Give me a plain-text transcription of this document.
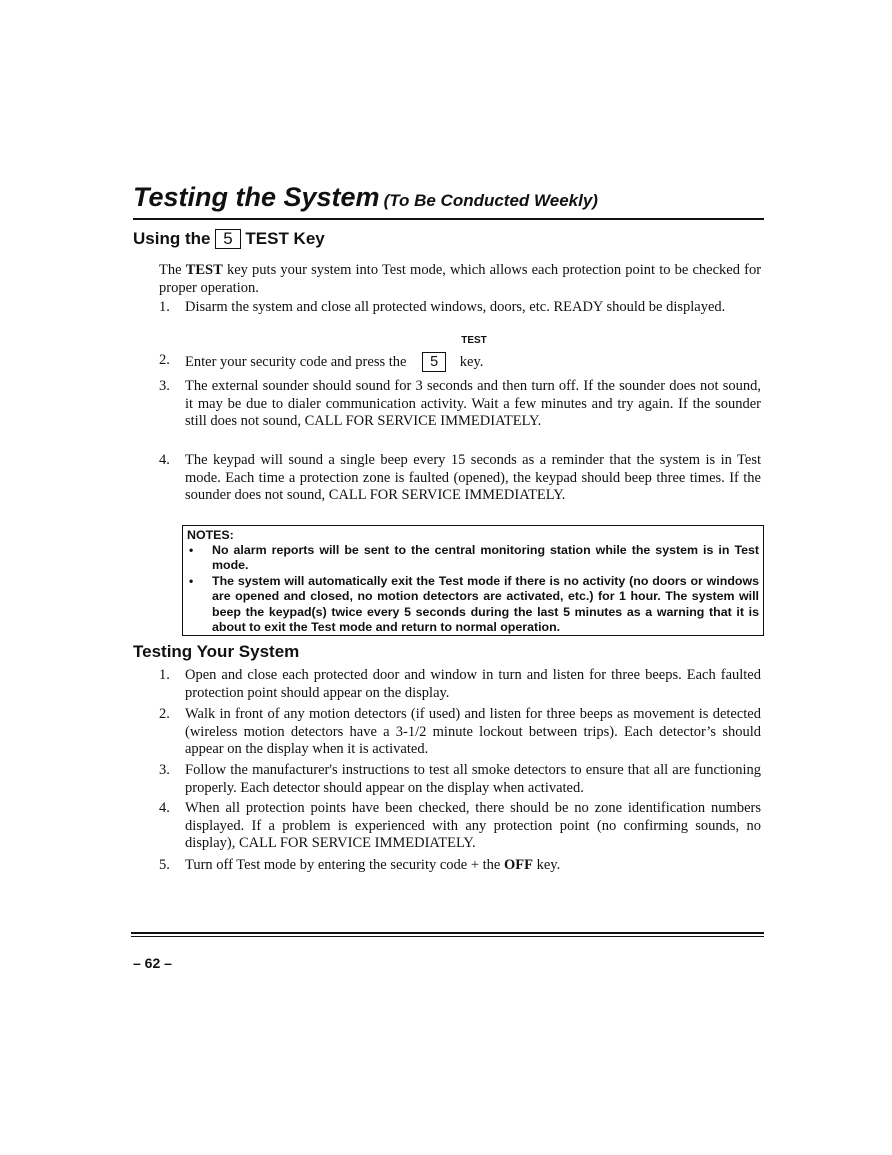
Testing the System (To Be Conducted Weekly)
Using the 5 TEST Key
The TEST key puts your system into Test mode, which allows each protection point to be checked for proper operation.
1. Disarm the system and close all protected windows, doors, etc. READY should be displayed.
TEST
2. Enter your security code and press the 5 key.
3. The external sounder should sound for 3 seconds and then turn off. If the sounder does not sound, it may be due to dialer communication activity. Wait a few minutes and try again. If the sounder still does not sound, CALL FOR SERVICE IMMEDIATELY.
4. The keypad will sound a single beep every 15 seconds as a reminder that the system is in Test mode. Each time a protection zone is faulted (opened), the keypad should beep three times. If the sounder does not sound, CALL FOR SERVICE IMMEDIATELY.
NOTES:
• No alarm reports will be sent to the central monitoring station while the system is in Test mode.
• The system will automatically exit the Test mode if there is no activity (no doors or windows are opened and closed, no motion detectors are activated, etc.) for 1 hour. The system will beep the keypad(s) twice every 5 seconds during the last 5 minutes as a warning that it is about to exit the Test mode and return to normal operation.
Testing Your System
1. Open and close each protected door and window in turn and listen for three beeps. Each faulted protection point should appear on the display.
2. Walk in front of any motion detectors (if used) and listen for three beeps as movement is detected (wireless motion detectors have a 3-1/2 minute lockout between trips). Each detector’s should appear on the display when it is activated.
3. Follow the manufacturer's instructions to test all smoke detectors to ensure that all are functioning properly. Each detector should appear on the display when activated.
4. When all protection points have been checked, there should be no zone identification numbers displayed. If a problem is experienced with any protection point (no confirming sounds, no display), CALL FOR SERVICE IMMEDIATELY.
5. Turn off Test mode by entering the security code + the OFF key.
– 62 –
